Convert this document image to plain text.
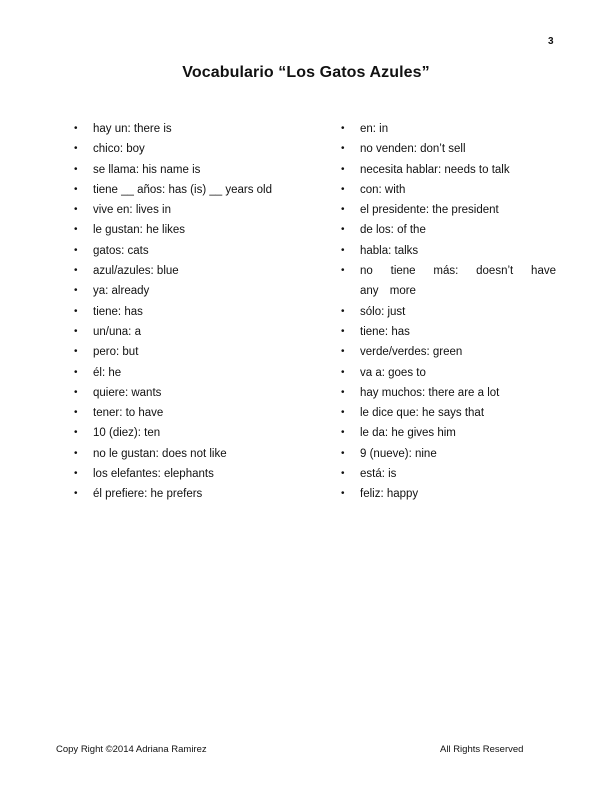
3
Vocabulario “Los Gatos Azules”
• hay un: there is
• chico: boy
• se llama: his name is
• tiene __ años: has (is) __ years old
• vive en: lives in
• le gustan: he likes
• gatos: cats
• azul/azules: blue
• ya: already
• tiene: has
• un/una: a
• pero: but
• él: he
• quiere: wants
• tener: to have
• 10 (diez): ten
• no le gustan: does not like
• los elefantes: elephants
• él prefiere: he prefers
• en: in
• no venden: don’t sell
• necesita hablar: needs to talk
• con: with
• el presidente: the president
• de los: of the
• habla: talks
• no tiene más: doesn’t have any more
• sólo: just
• tiene: has
• verde/verdes: green
• va a: goes to
• hay muchos: there are a lot
• le dice que: he says that
• le da: he gives him
• 9 (nueve): nine
• está: is
• feliz: happy
Copy Right ©2014 Adriana Ramirez	All Rights Reserved
